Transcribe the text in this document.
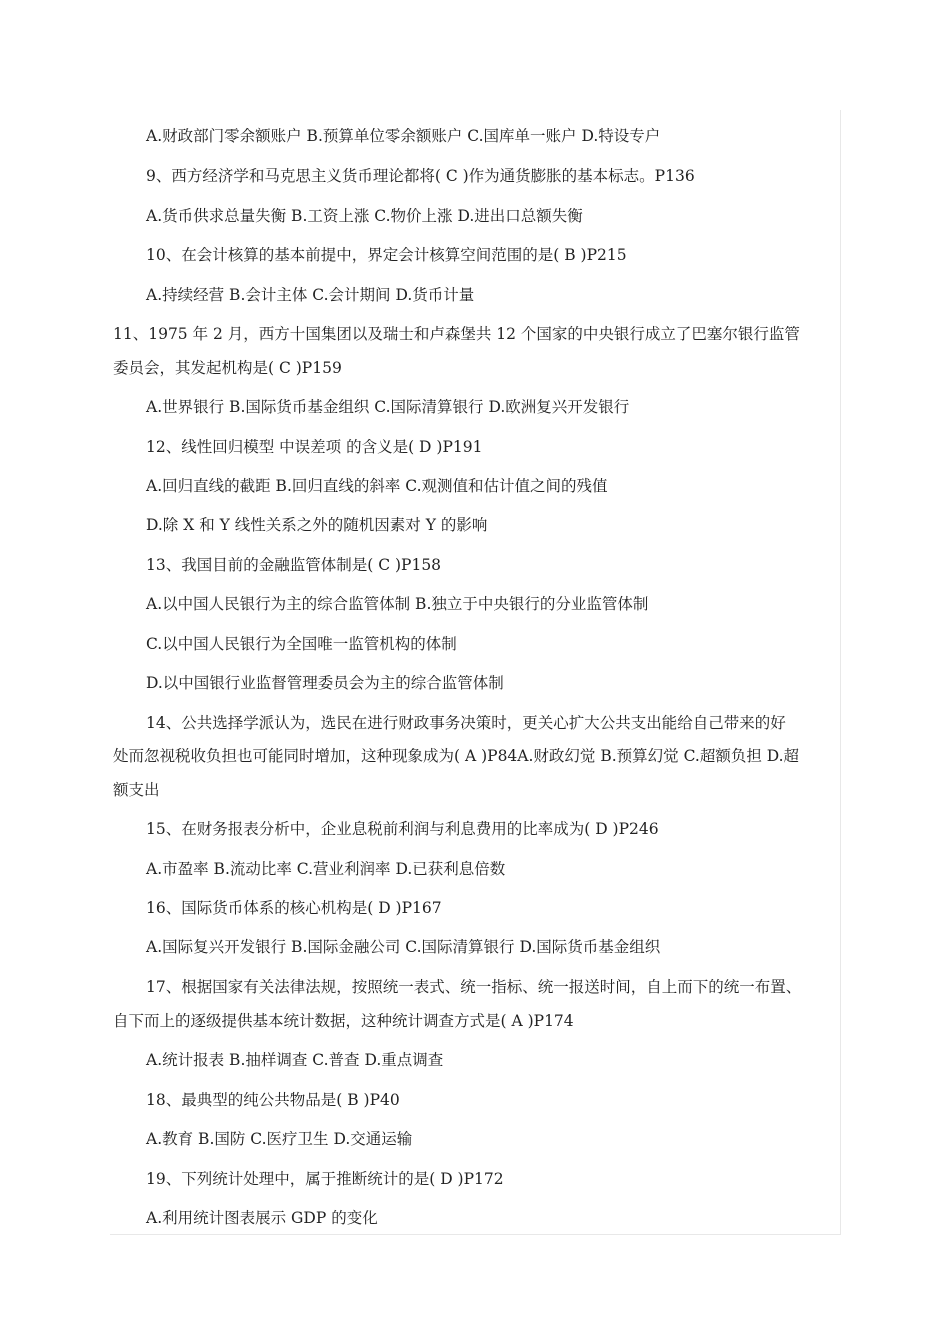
A.财政部门零余额账户 B.预算单位零余额账户 C.国库单一账户 D.特设专户

9、西方经济学和马克思主义货币理论都将( C )作为通货膨胀的基本标志。P136

A.货币供求总量失衡 B.工资上涨 C.物价上涨 D.进出口总额失衡

10、在会计核算的基本前提中，界定会计核算空间范围的是( B )P215

A.持续经营 B.会计主体 C.会计期间 D.货币计量

11、1975 年 2 月，西方十国集团以及瑞士和卢森堡共 12 个国家的中央银行成立了巴塞尔银行监管

委员会，其发起机构是( C )P159

A.世界银行 B.国际货币基金组织 C.国际清算银行 D.欧洲复兴开发银行

12、线性回归模型 中误差项 的含义是( D )P191

A.回归直线的截距 B.回归直线的斜率 C.观测值和估计值之间的残值

D.除 X 和 Y 线性关系之外的随机因素对 Y 的影响

13、我国目前的金融监管体制是( C )P158

A.以中国人民银行为主的综合监管体制 B.独立于中央银行的分业监管体制

C.以中国人民银行为全国唯一监管机构的体制

D.以中国银行业监督管理委员会为主的综合监管体制

14、公共选择学派认为，选民在进行财政事务决策时，更关心扩大公共支出能给自己带来的好

处而忽视税收负担也可能同时增加，这种现象成为( A )P84A.财政幻觉 B.预算幻觉 C.超额负担 D.超

额支出

15、在财务报表分析中，企业息税前利润与利息费用的比率成为( D )P246

A.市盈率 B.流动比率 C.营业利润率 D.已获利息倍数

16、国际货币体系的核心机构是( D )P167

A.国际复兴开发银行 B.国际金融公司 C.国际清算银行 D.国际货币基金组织

17、根据国家有关法律法规，按照统一表式、统一指标、统一报送时间，自上而下的统一布置、

自下而上的逐级提供基本统计数据，这种统计调查方式是( A )P174

A.统计报表 B.抽样调查 C.普查 D.重点调查

18、最典型的纯公共物品是( B )P40

A.教育 B.国防 C.医疗卫生 D.交通运输

19、下列统计处理中，属于推断统计的是( D )P172

A.利用统计图表展示 GDP 的变化
